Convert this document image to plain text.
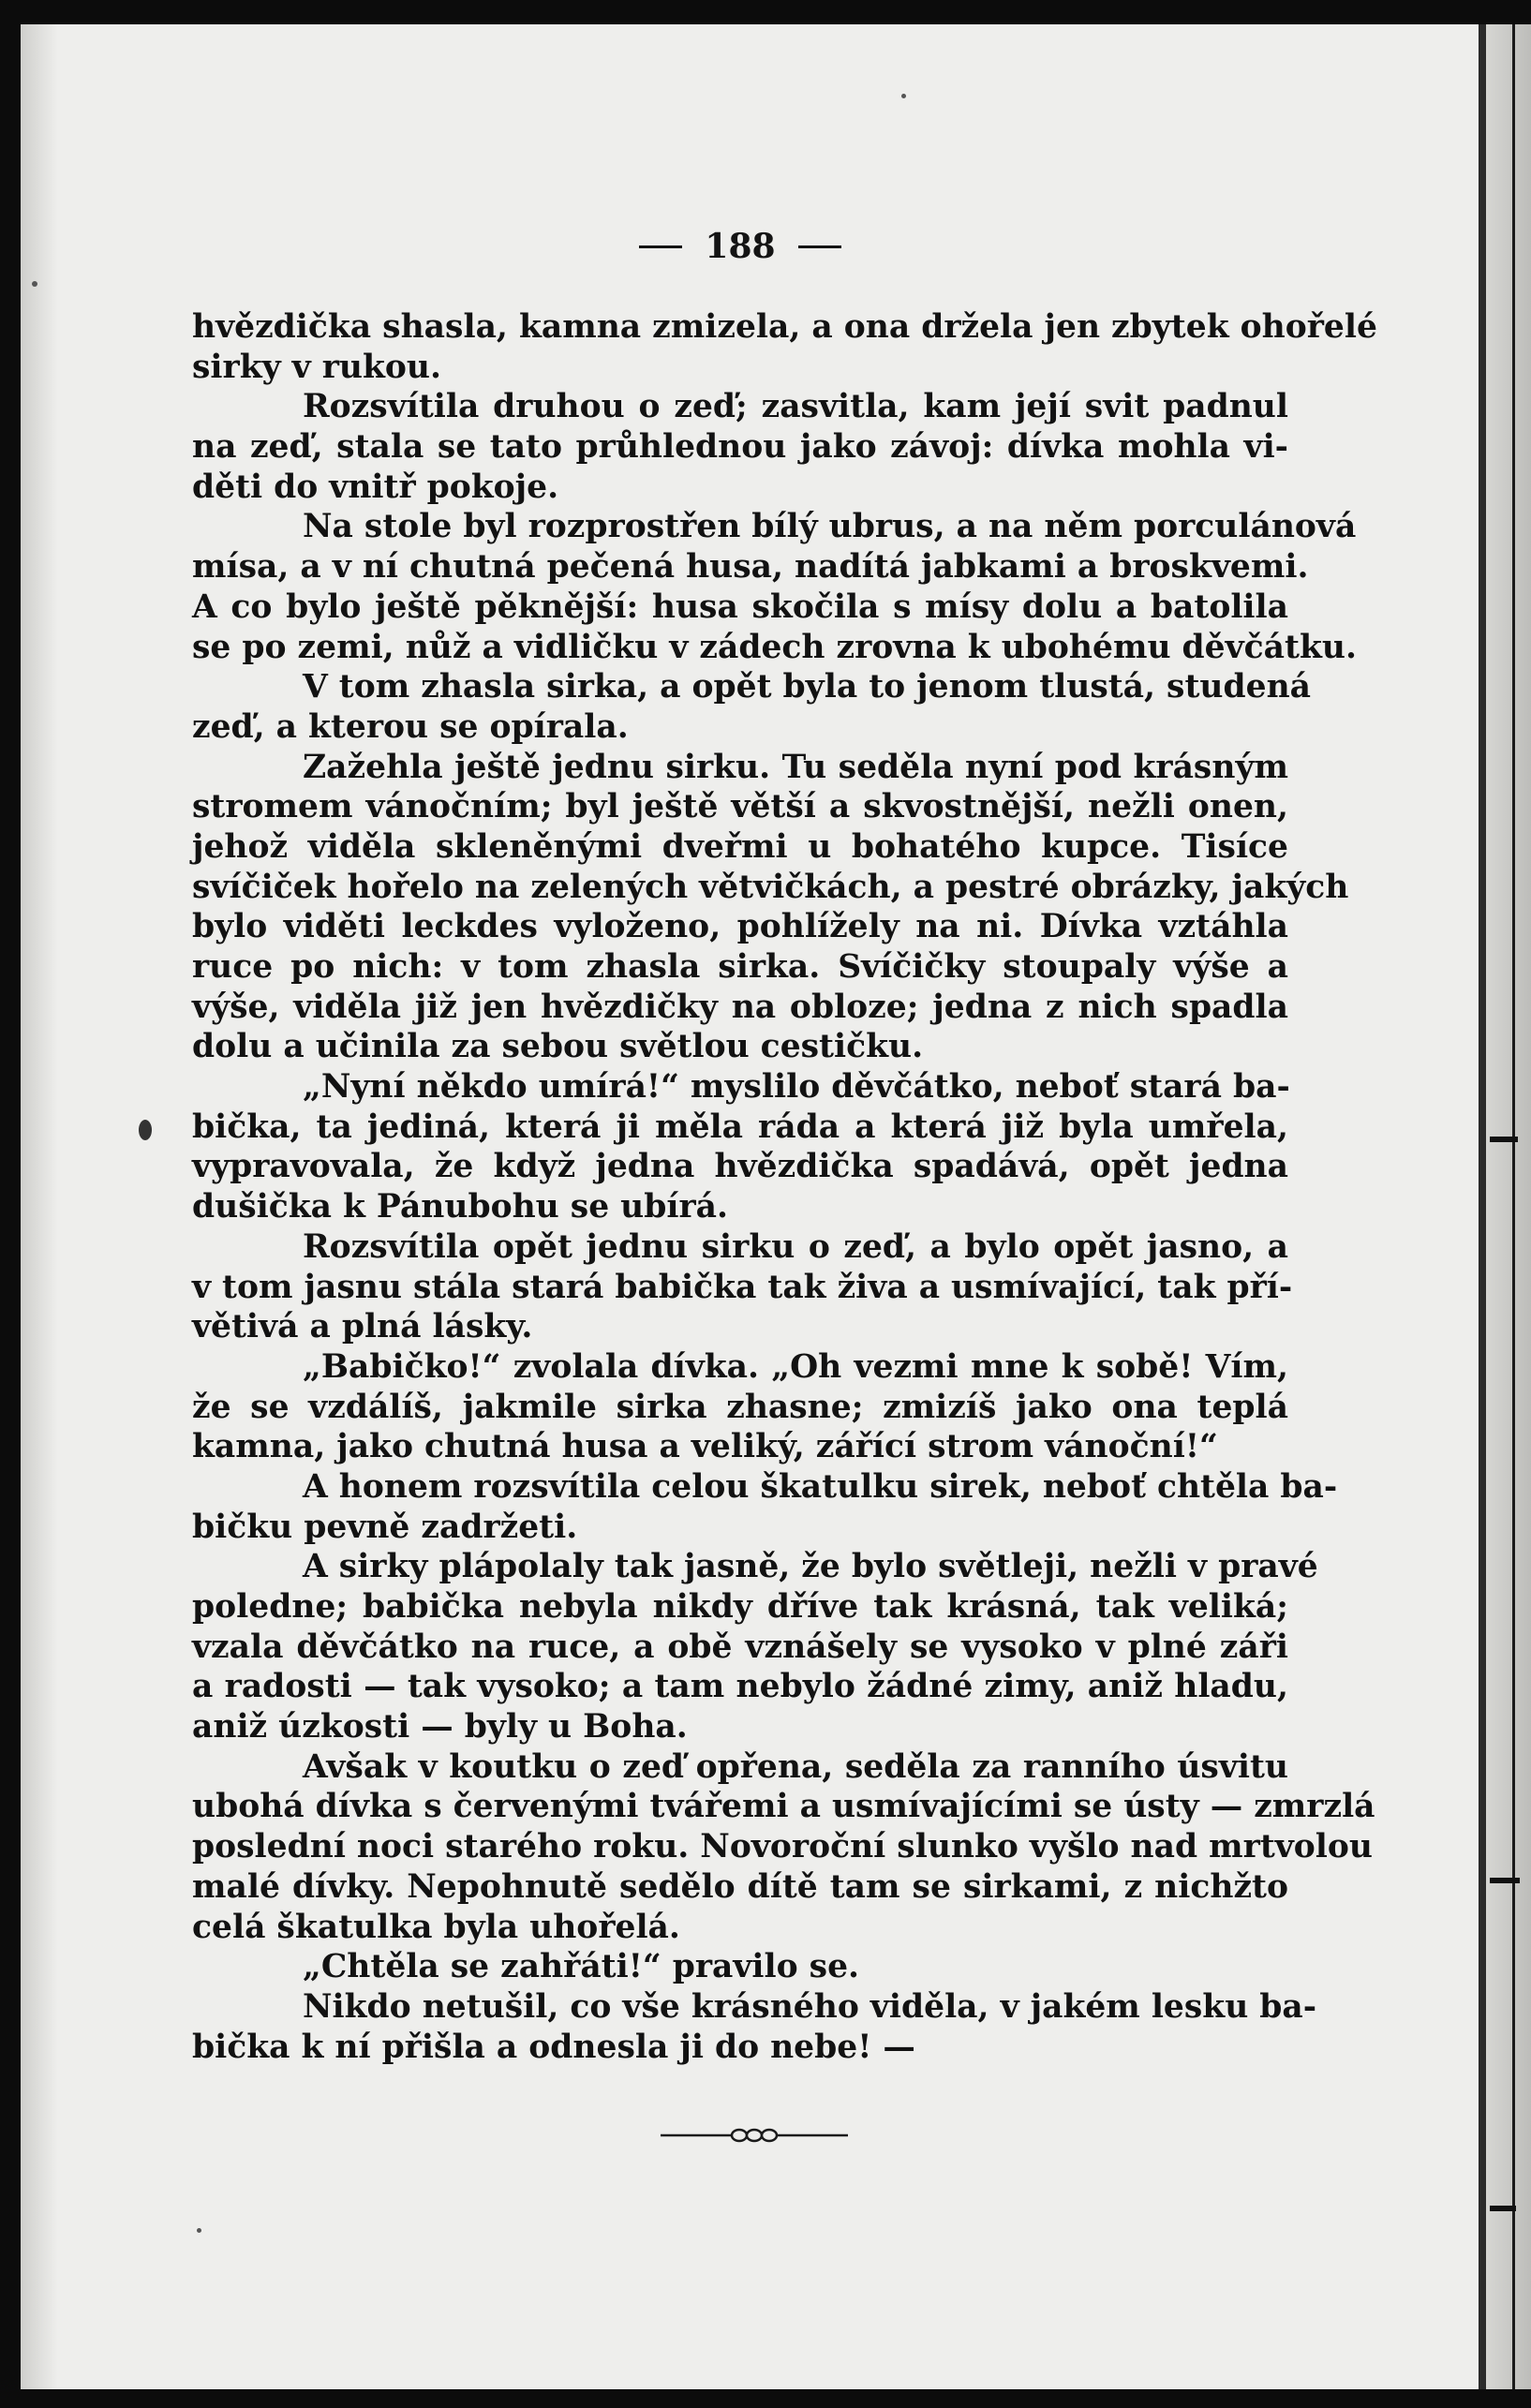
188
hvězdička shasla, kamna zmizela, a ona držela jen zbytek ohořelé
sirky v rukou.
Rozsvítila druhou o zeď; zasvitla, kam její svit padnul
na zeď, stala se tato průhlednou jako závoj: dívka mohla vi-
děti do vnitř pokoje.
Na stole byl rozprostřen bílý ubrus, a na něm porculánová
mísa, a v ní chutná pečená husa, nadítá jabkami a broskvemi.
A co bylo ještě pěknější: husa skočila s mísy dolu a batolila
se po zemi, nůž a vidličku v zádech zrovna k ubohému děvčátku.
V tom zhasla sirka, a opět byla to jenom tlustá, studená
zeď, a kterou se opírala.
Zažehla ještě jednu sirku. Tu seděla nyní pod krásným
stromem vánočním; byl ještě větší a skvostnější, nežli onen,
jehož viděla skleněnými dveřmi u bohatého kupce. Tisíce
svíčiček hořelo na zelených větvičkách, a pestré obrázky, jakých
bylo viděti leckdes vyloženo, pohlížely na ni. Dívka vztáhla
ruce po nich: v tom zhasla sirka. Svíčičky stoupaly výše a
výše, viděla již jen hvězdičky na obloze; jedna z nich spadla
dolu a učinila za sebou světlou cestičku.
„Nyní někdo umírá!“ myslilo děvčátko, neboť stará ba-
bička, ta jediná, která ji měla ráda a která již byla umřela,
vypravovala, že když jedna hvězdička spadává, opět jedna
dušička k Pánubohu se ubírá.
Rozsvítila opět jednu sirku o zeď, a bylo opět jasno, a
v tom jasnu stála stará babička tak živa a usmívající, tak pří-
větivá a plná lásky.
„Babičko!“ zvolala dívka. „Oh vezmi mne k sobě! Vím,
že se vzdálíš, jakmile sirka zhasne; zmizíš jako ona teplá
kamna, jako chutná husa a veliký, zářící strom vánoční!“
A honem rozsvítila celou škatulku sirek, neboť chtěla ba-
bičku pevně zadržeti.
A sirky plápolaly tak jasně, že bylo světleji, nežli v pravé
poledne; babička nebyla nikdy dříve tak krásná, tak veliká;
vzala děvčátko na ruce, a obě vznášely se vysoko v plné záři
a radosti — tak vysoko; a tam nebylo žádné zimy, aniž hladu,
aniž úzkosti — byly u Boha.
Avšak v koutku o zeď opřena, seděla za ranního úsvitu
ubohá dívka s červenými tvářemi a usmívajícími se ústy — zmrzlá
poslední noci starého roku. Novoroční slunko vyšlo nad mrtvolou
malé dívky. Nepohnutě sedělo dítě tam se sirkami, z nichžto
celá škatulka byla uhořelá.
„Chtěla se zahřáti!“ pravilo se.
Nikdo netušil, co vše krásného viděla, v jakém lesku ba-
bička k ní přišla a odnesla ji do nebe! —
